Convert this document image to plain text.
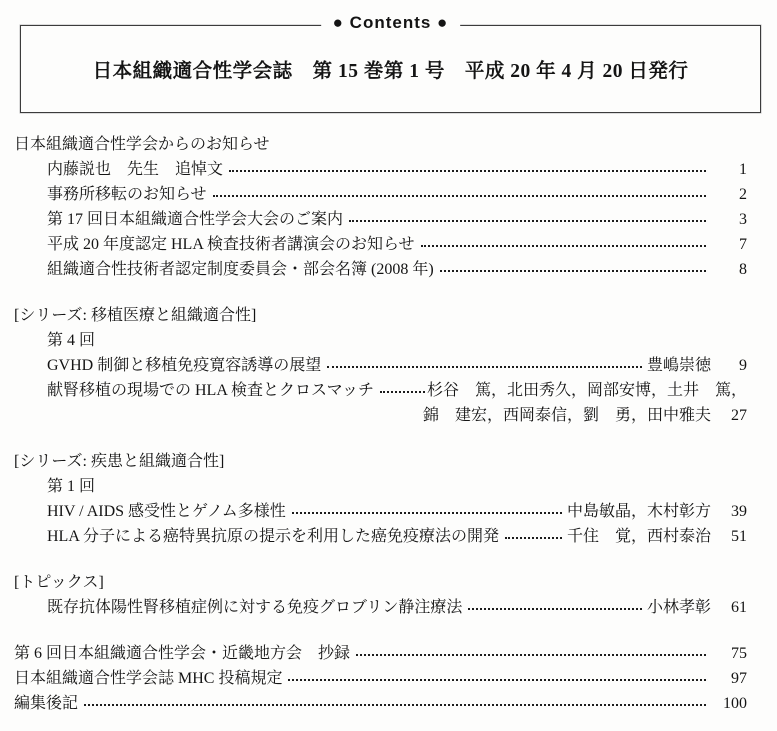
● Contents ●
日本組織適合性学会誌　第 15 巻第 1 号　平成 20 年 4 月 20 日発行
日本組織適合性学会からのお知らせ
内藤説也　先生　追悼文	1
事務所移転のお知らせ	2
第 17 回日本組織適合性学会大会のご案内	3
平成 20 年度認定 HLA 検査技術者講演会のお知らせ	7
組織適合性技術者認定制度委員会・部会名簿 (2008 年)	8
[シリーズ: 移植医療と組織適合性]
第 4 回
GVHD 制御と移植免疫寛容誘導の展望	豊嶋崇徳	9
献腎移植の現場での HLA 検査とクロスマッチ	杉谷　篤，北田秀久，岡部安博，土井　篤，
錦　建宏，西岡泰信，劉　勇，田中雅夫	27
[シリーズ: 疾患と組織適合性]
第 1 回
HIV / AIDS 感受性とゲノム多様性	中島敏晶，木村彰方	39
HLA 分子による癌特異抗原の提示を利用した癌免疫療法の開発	千住　覚，西村泰治	51
[トピックス]
既存抗体陽性腎移植症例に対する免疫グロブリン静注療法	小林孝彰	61
第 6 回日本組織適合性学会・近畿地方会　抄録	75
日本組織適合性学会誌 MHC 投稿規定	97
編集後記	100
